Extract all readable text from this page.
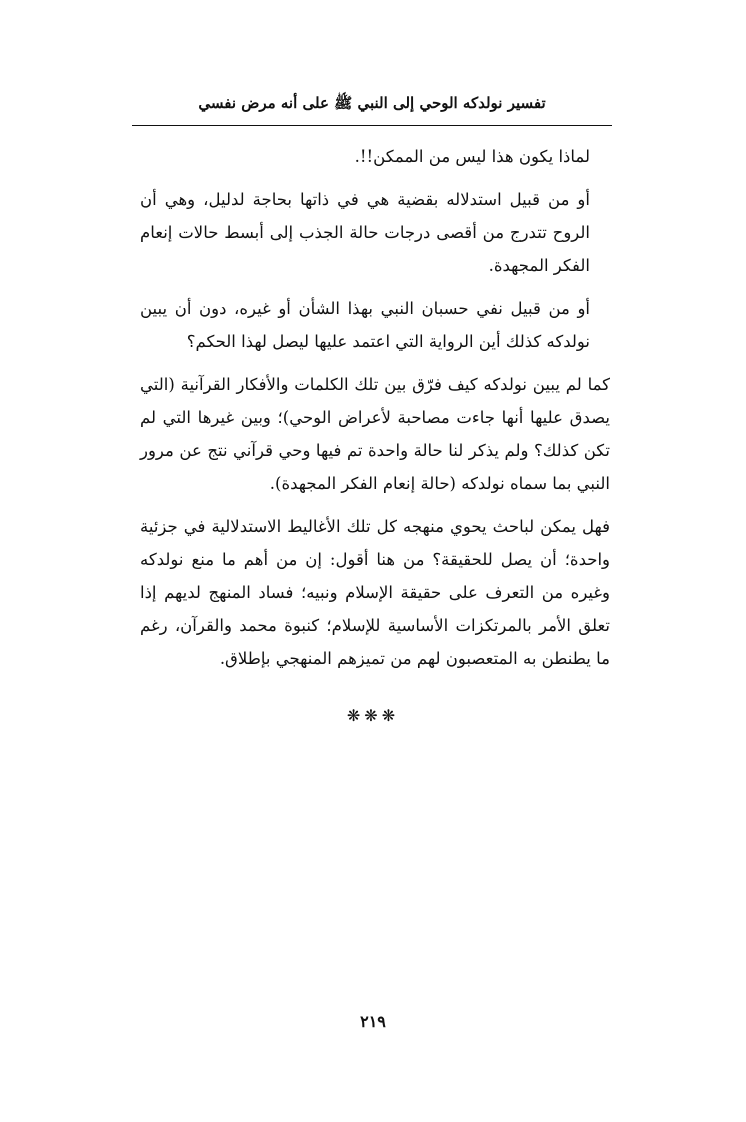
تفسير نولدكه الوحي إلى النبي ﷺ على أنه مرض نفسي

لماذا يكون هذا ليس من الممكن!!.

أو من قبيل استدلاله بقضية هي في ذاتها بحاجة لدليل، وهي أن الروح تتدرج من أقصى درجات حالة الجذب إلى أبسط حالات إنعام الفكر المجهدة.

أو من قبيل نفي حسبان النبي بهذا الشأن أو غيره، دون أن يبين نولدكه كذلك أين الرواية التي اعتمد عليها ليصل لهذا الحكم؟

كما لم يبين نولدكه كيف فرّق بين تلك الكلمات والأفكار القرآنية (التي يصدق عليها أنها جاءت مصاحبة لأعراض الوحي)؛ وبين غيرها التي لم تكن كذلك؟ ولم يذكر لنا حالة واحدة تم فيها وحي قرآني نتج عن مرور النبي بما سماه نولدكه (حالة إنعام الفكر المجهدة).

فهل يمكن لباحث يحوي منهجه كل تلك الأغاليط الاستدلالية في جزئية واحدة؛ أن يصل للحقيقة؟ من هنا أقول: إن من أهم ما منع نولدكه وغيره من التعرف على حقيقة الإسلام ونبيه؛ فساد المنهج لديهم إذا تعلق الأمر بالمرتكزات الأساسية للإسلام؛ كنبوة محمد والقرآن، رغم ما يطنطن به المتعصبون لهم من تميزهم المنهجي بإطلاق.

❋❋❋
٢١٩
